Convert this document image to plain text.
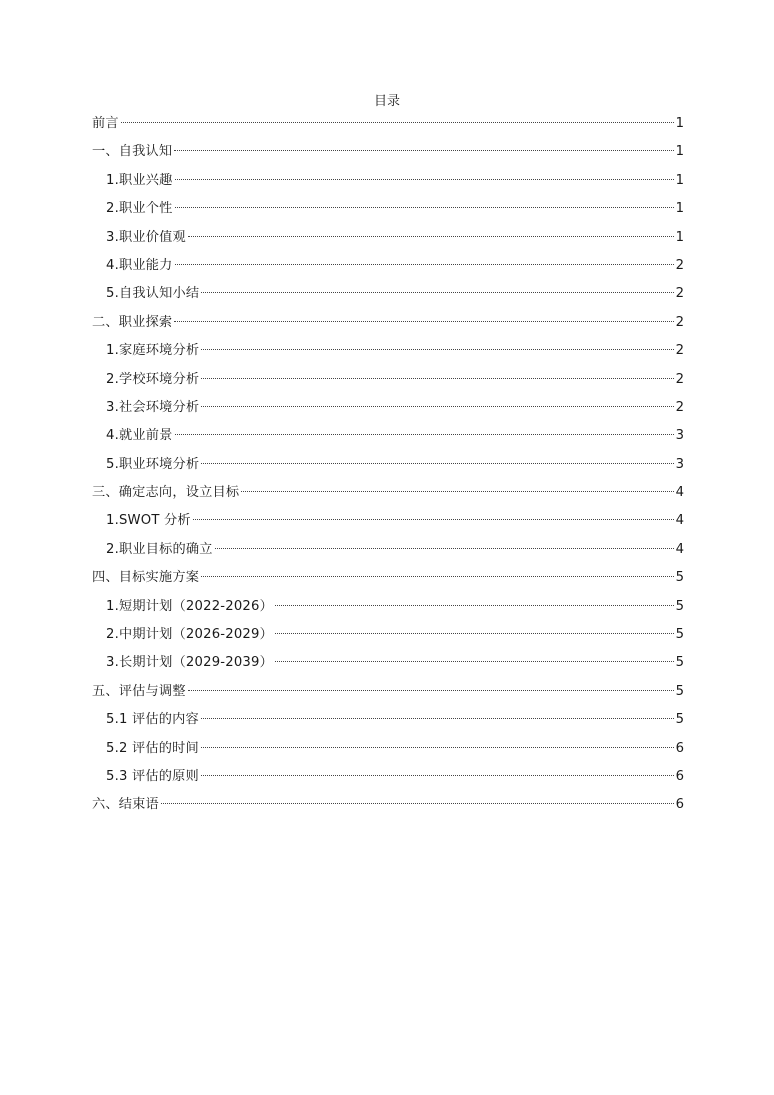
目录
前言	1
一、自我认知	1
1.职业兴趣	1
2.职业个性	1
3.职业价值观	1
4.职业能力	2
5.自我认知小结	2
二、职业探索	2
1.家庭环境分析	2
2.学校环境分析	2
3.社会环境分析	2
4.就业前景	3
5.职业环境分析	3
三、确定志向，设立目标	4
1.SWOT 分析	4
2.职业目标的确立	4
四、目标实施方案	5
1.短期计划（2022-2026）	5
2.中期计划（2026-2029）	5
3.长期计划（2029-2039）	5
五、评估与调整	5
5.1 评估的内容	5
5.2 评估的时间	6
5.3 评估的原则	6
六、结束语	6
